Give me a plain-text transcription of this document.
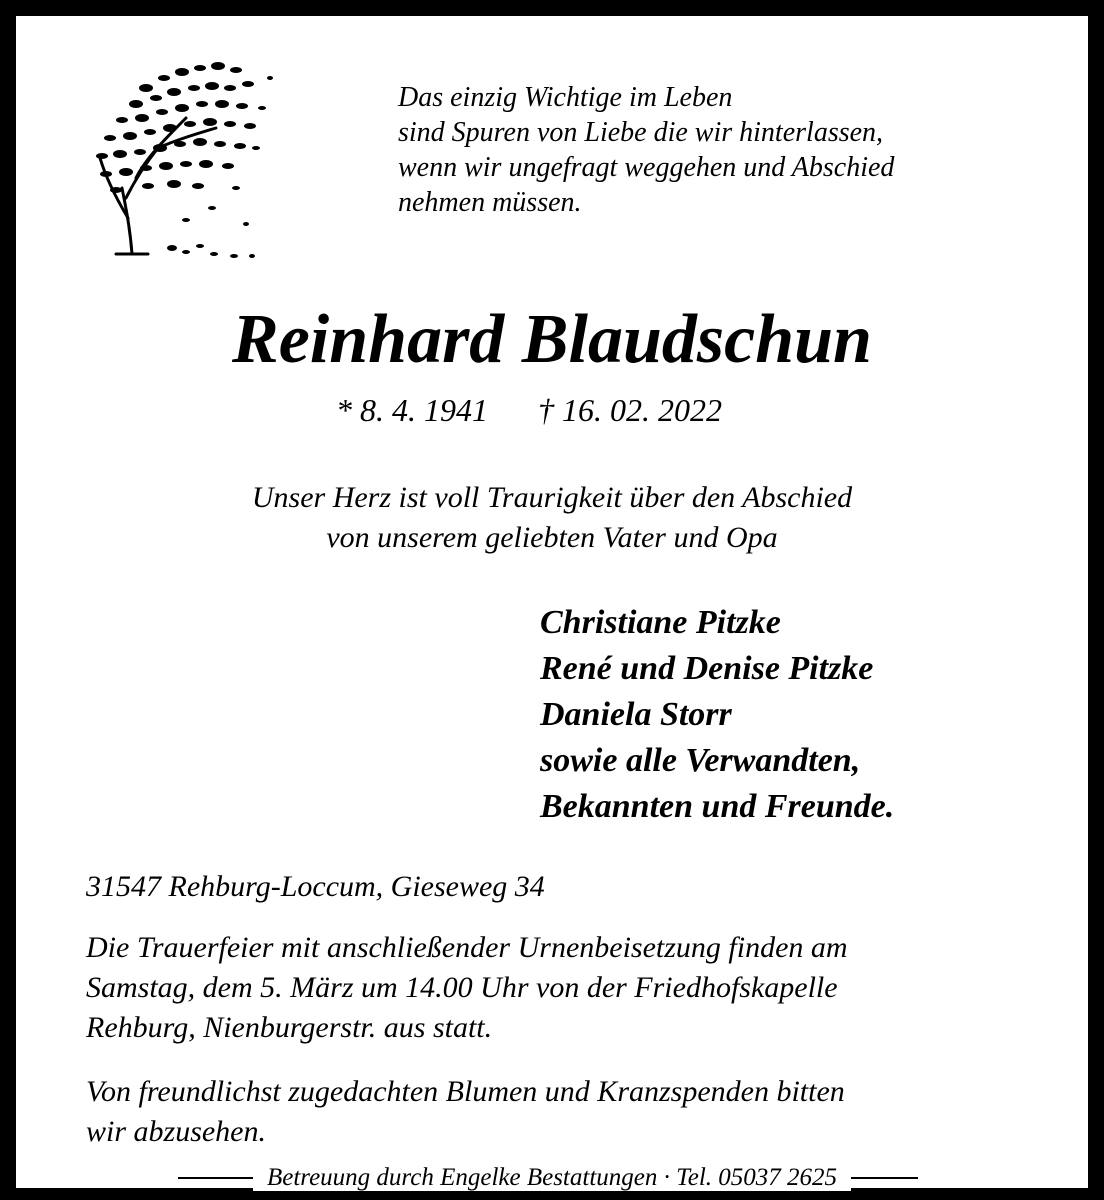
Das einzig Wichtige im Leben
sind Spuren von Liebe die wir hinterlassen,
wenn wir ungefragt weggehen und Abschied
nehmen müssen.
Reinhard Blaudschun
* 8. 4. 1941 † 16. 02. 2022
Unser Herz ist voll Traurigkeit über den Abschied
von unserem geliebten Vater und Opa
Christiane Pitzke
René und Denise Pitzke
Daniela Storr
sowie alle Verwandten,
Bekannten und Freunde.
31547 Rehburg-Loccum, Gieseweg 34
Die Trauerfeier mit anschließender Urnenbeisetzung finden am
Samstag, dem 5. März um 14.00 Uhr von der Friedhofskapelle
Rehburg, Nienburgerstr. aus statt.
Von freundlichst zugedachten Blumen und Kranzspenden bitten
wir abzusehen.
Betreuung durch Engelke Bestattungen · Tel. 05037 2625
